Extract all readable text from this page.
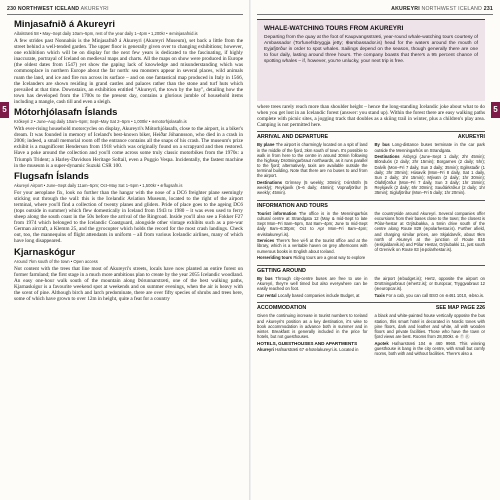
230 NORTHWEST ICELAND AKUREYRI
5
Minjasafnið á Akureyri
Aðalstræti 58 • May–Sept daily 10am–5pm, rest of the year daily 1–4pm • 1,200kr • ⊕minjasafnid.is

A few strides past Nonnahús is the Minjasafnið á Akureyri (Akureyri Museum), set back a little from the street behind a well-tended garden. The upper floor is generally given over to changing exhibitions; however, one exhibition which will be on display for the next few years is dedicated to the fascinating, if highly inaccurate, portrayal of Iceland on medieval maps and charts. All the maps on show were produced in Europe (the oldest dates from 1547) yet show the gaping lack of knowledge and misunderstanding which was commonplace in northern Europe about the far north: sea monsters appear in several places, wild animals roam the land, and ice and fire run across its surface – and on one fantastical map produced in Italy in 1566, the Icelanders are shown residing in grand castles and palaces rather than the stone and turf huts which prevailed at that time. Downstairs, an exhibition entitled "Akureyri, the town by the bay", detailing how the town has developed from the 1700s to the present day, contains a glorious jumble of household items including a mangle, cash till and even a sleigh.

Mótorhjólasafn Íslands
Krókeyri 2 • June–Aug daily 10am–5pm; Sept–May Sat 2–5pm • 1,000kr • ⊕motorhjolasafn.is

With ever-rising household motorcycles on display, Akureyri's Mótorhjólasafn, close to the airport, is a biker's dream. It was founded in memory of Iceland's best-known biker, Heiðar Jóhannsson, who died in a crash in 2006; indeed, a small memorial room off the entrance contains all the snaps of his crash. The museum's prize exhibit is a magnificent Henderson from 1918 which was originally found on a scrapyard and then restored. Have a poke around the collection and you'll come across some truly classic motorbikes from the 1970s: a Triumph Trident; a Harley-Davidson Heritage Softail, even a Puggio Vespa. Incidentally, the fastest machine in the museum is a super-dynamic Suzuki CSR 100.

Flugsafn Íslands
Akureyri Airport • June–Sept daily 11am–5pm; Oct–May Sat 1–5pm • 1,500kr • ⊕flugsafn.is

For your aeroplane fix, look no further than the hangar with the nose of a DC6 freighter plane seemingly sticking out through the wall: this is the Icelandic Aviation Museum, located to the right of the airport terminal, where you'll find a collection of twenty planes and gliders. Pride of place goes to the ageing DC6 (tops outside in summer) which flew domestically in Iceland from 1943 to 1980 – it was even used to ferry sheep along the south coast in the 50s before the arrival of the Ringroad. Inside you'll also see a Fokker F27 from 1974 which belonged to the Icelandic Coastguard, alongside other vintage exhibits such as a pre-war German aircraft, a Klemm 25, and the gyrocopter which holds the record for the most crash landings. Check out, too, the mannequins of flight attendants in uniform – all from various Icelandic airlines, many of which have long disappeared.

Kjarnaskógur
Around 7km south of the town • Open access

Not content with the trees that line most of Akureyri's streets, locals have now planted an entire forest on former farmland; the first stage in a much more ambitious plan to create by the year 2055 Icelandic woodland. An easy one-hour walk south of the mountain along Þórunnarstræti, one of the best walking paths, Kjarnaskógur is a favourite weekend spot at weekends and on summer evenings, when the air is heavy with the scent of pine. Although birch and larch predominate, there are over fifty species of shrubs and trees here, some of which have grown to over 12m in height, quite a feat for a country

AKUREYRI NORTHWEST ICELAND 231
5
WHALE-WATCHING TOURS FROM AKUREYRI
Departing from the quay at the foot of Kaupvangsstræti, year-round whale-watching tours courtesy of Ambassador (Torfunefsbryggja jetty; ⊕ambassador.is) head for the waters around the mouth of Eyjafjörður in order to spot whales. Sailings depend on the season, though generally there are one to four daily, lasting around three hours. The company boasts that there's a 95 percent chance of spotting whales – if, however, you're unlucky, your next trip is free.

where trees rarely reach more than shoulder height – hence the long-standing Icelandic joke about what to do when you get lost in an Icelandic forest (answer: you stand up). Within the forest there are easy walking paths complete with picnic sites, a jogging track that doubles as a skiing trail in winter, plus a children's play area. Camping is not permitted here.

ARRIVAL AND DEPARTURE	AKUREYRI

By plane The airport is charmingly located on a spit of land in the middle of the fjord, 3km south of town. It's possible to walk in from here to the centre in around 30min following the highway Drottningarbraut northwards, as it runs parallel to the fjord; alternatively, taxis are available outside the terminal building. Note that there are no buses to and from the airport.

Destinations Grímsey (5 weekly; 30min); Þórshöfn (5 weekly); Reykjavík (5–6 daily; 45min); Vopnafjörður (5 weekly; 45min).

By bus Long-distance buses terminate in the car park outside the Menningarhús on Strandgata.

Destinations Ásbyrgi (June–Sept 1 daily; 2hr 45min); Blönduós (2 daily; 2hr 15min); Borgarnes (2 daily; 5hr); Dalvík (Mon–Fri 7 daily, Sun 3 daily; 35min); Egilsstaðir (1 daily; 3hr 30min); Húsavík (Mon–Fri 8 daily, Sat 1 daily, Sun 2 daily; 1hr 15min); Mývatn (2 daily; 1hr 30min); Ólafsfjörður (Mon–Fri 7 daily, Sun 3 daily; 1hr 15min); Reykjavík (2 daily; 6hr 30min); Sauðárkrókur (2 daily; 1hr 35min); Siglufjörður (Mon–Fri 5 daily; 1hr 20min).

INFORMATION AND TOURS

Tourist information The office is in the Menningarhús cultural centre at Strandgata 12 (May & mid-Sept to late Sept Mon–Fri 8am–5pm, Sat 8am–4pm; June to mid-Sept daily 8am–6:30pm; Oct to Apr Mon–Fri 8am–4pm; ⊕visitakureyri.is).

Services There's free wi-fi at the tourist office and at the library, which is a veritable haven on grey afternoons with numerous books in English about Iceland.

Horseriding tours Riding tours are a great way to explore

the countryside around Akureyri. Several companies offer excursions from their bases close to the town; the closest is Pólar-hestar at Grýtubakka, a 5min drive south of the centre along Route 829 (⊕polarhestar.is). Further afield, and charging similar prices, are Skjaldarvík, about 9km north of Akureyri at the junction of Route 816 (⊕skjaldarvik.is) and Pólar Hestar, Grýtubakki 11, just south of Grenivík on Route 83 (⊕polarhestar.is).

GETTING AROUND

By bus Through city-centre buses are free to use in Akureyri, they're well timed but also everywhere can be easily reached on foot.

Car rental Locally based companies include Budget, at

the airport (⊕budget.is); Hertz, opposite the airport on Drottningarbraut (⊕hertz.is); or Europcar, Tryggvabraut 12 (⊕europcar.is).

Taxis For a cab, you can call BSO on ⊕461 1010, ⊕bso.is.

ACCOMMODATION	SEE MAP PAGE 226

Given the continuing increase in tourist numbers to Iceland and Akureyri's position as a key destination, it's wise to book accommodation in advance both in summer and in winter. Breakfast is generally included in the price for hotels, but not guesthouses.

HOTELS, GUESTHOUSES AND APARTMENTS

Akureyri Hafnarstræti 67 ⊕hotelakureyri.is. Located in

a black and white-painted house vertically opposite the bus station, this smart hotel is decorated in Nordic tones with pine floors, dark and leather and white, all with wooden floors and private facilities. Those who have the town or fjord views are best. Rooms from 28,000kr. ⊕ Ⓣ Ⓡ

Apotek Hafnarstræti 104 ⊕ 460 9960. This winning guesthouse is bang in the city centre, with small but comfy rooms, both with and without facilities. There's also a
